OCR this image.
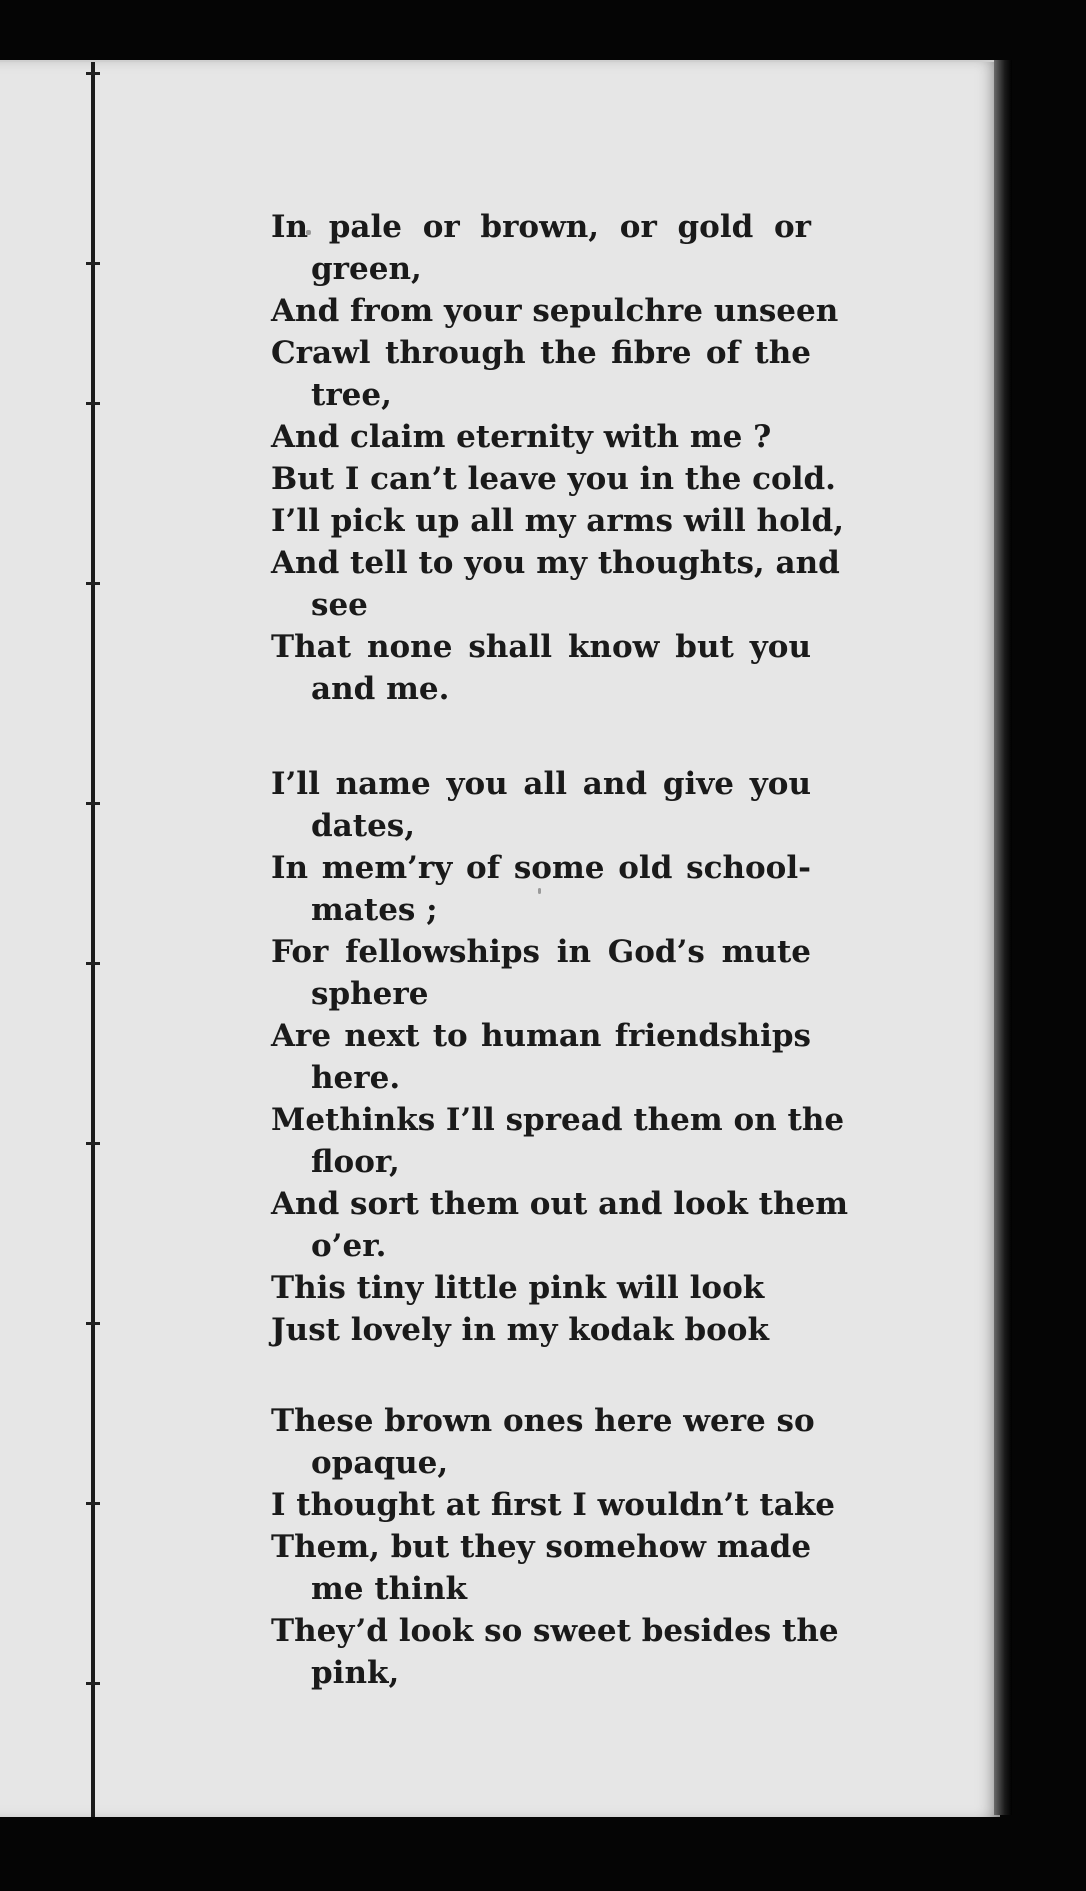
In pale or brown, or gold or
green,
And from your sepulchre unseen
Crawl through the fibre of the
tree,
And claim eternity with me ?
But I can’t leave you in the cold.
I’ll pick up all my arms will hold,
And tell to you my thoughts, and
see
That none shall know but you
and me.
I’ll name you all and give you
dates,
In mem’ry of some old school-
mates ;
For fellowships in God’s mute
sphere
Are next to human friendships
here.
Methinks I’ll spread them on the
floor,
And sort them out and look them
o’er.
This tiny little pink will look
Just lovely in my kodak book
These brown ones here were so
opaque,
I thought at first I wouldn’t take
Them, but they somehow made
me think
They’d look so sweet besides the
pink,
